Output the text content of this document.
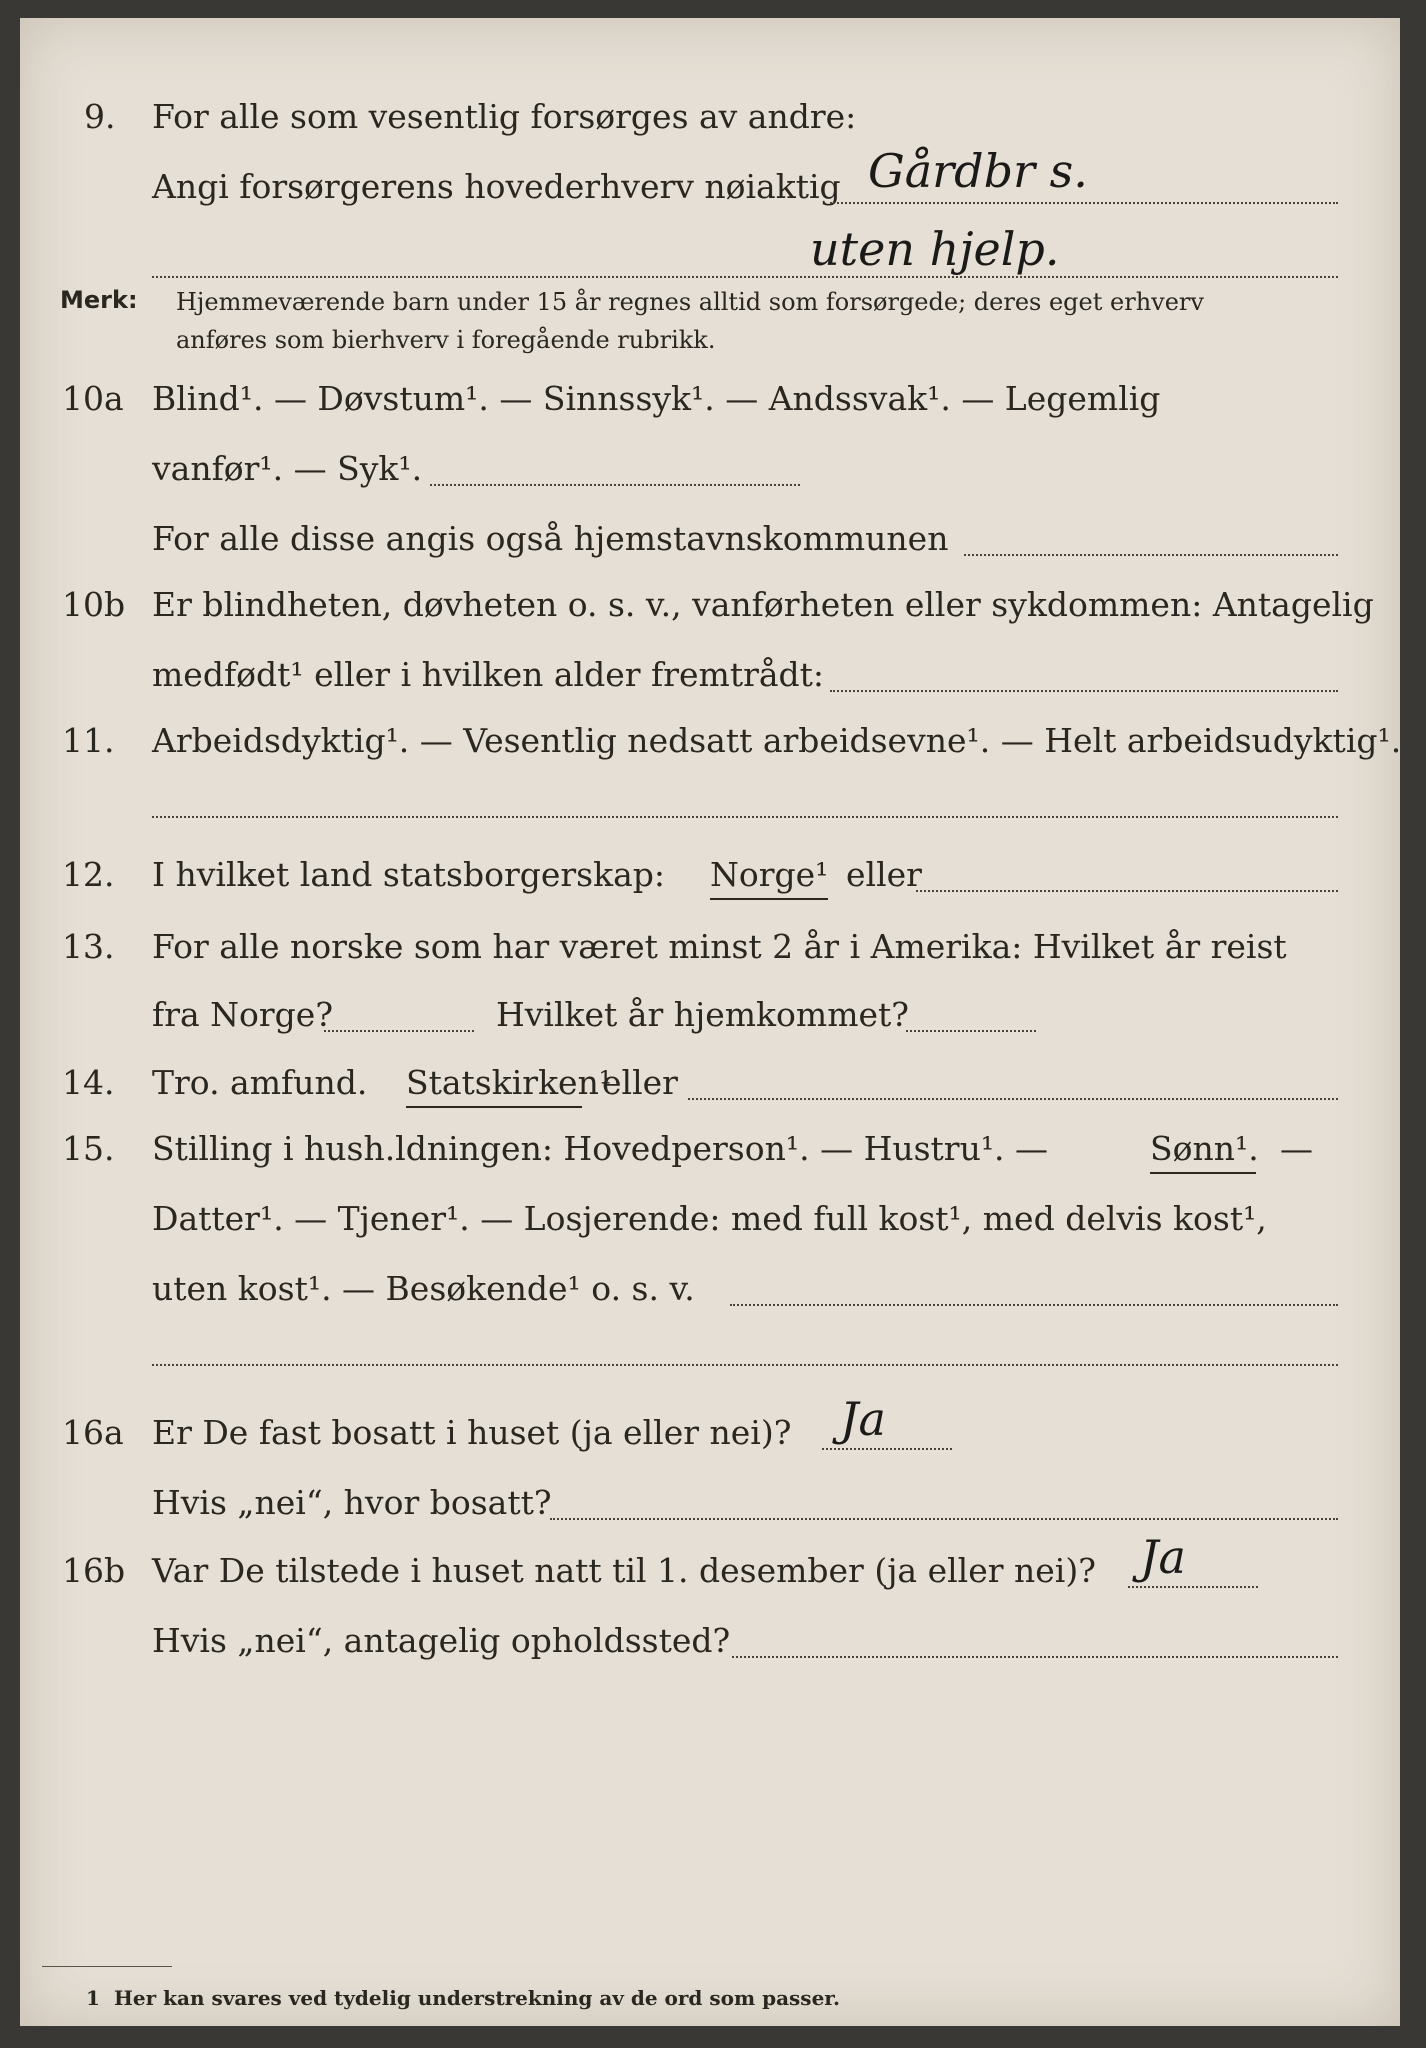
9. For alle som vesentlig forsørges av andre:
Angi forsørgerens hovederhverv nøiaktig Gårdbr s.
uten hjelp.
Merk: Hjemmeværende barn under 15 år regnes alltid som forsørgede; deres eget erhverv
anføres som bierhverv i foregående rubrikk.
10a Blind¹. — Døvstum¹. — Sinnssyk¹. — Andssvak¹. — Legemlig
vanfør¹. — Syk¹.
For alle disse angis også hjemstavnskommunen
10b Er blindheten, døvheten o. s. v., vanførheten eller sykdommen: Antagelig
medfødt¹ eller i hvilken alder fremtrådt:
11. Arbeidsdyktig¹. — Vesentlig nedsatt arbeidsevne¹. — Helt arbeidsudyktig¹.
12. I hvilket land statsborgerskap: Norge¹ eller
13. For alle norske som har været minst 2 år i Amerika: Hvilket år reist
fra Norge?	Hvilket år hjemkommet?
14. Tro. amfund. Statskirken¹
eller
15. Stilling i hush.ldningen: Hovedperson¹. — Hustru¹. —	Sønn¹. —
Datter¹. — Tjener¹. — Losjerende: med full kost¹, med delvis kost¹,
uten kost¹. — Besøkende¹ o. s. v.
16a Er De fast bosatt i huset (ja eller nei)? Ja
Hvis „nei“, hvor bosatt?
16b Var De tilstede i huset natt til 1. desember (ja eller nei)? Ja
Hvis „nei“, antagelig opholdssted?
1 Her kan svares ved tydelig understrekning av de ord som passer.
